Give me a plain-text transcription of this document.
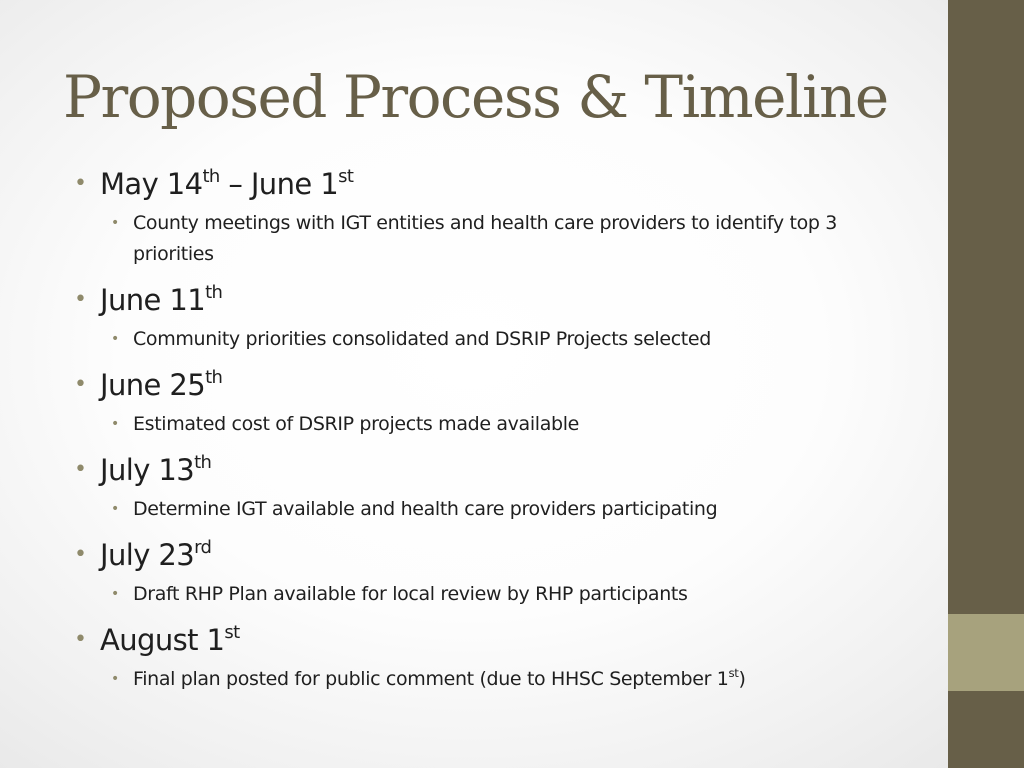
Proposed Process & Timeline
• May 14th – June 1st
• County meetings with IGT entities and health care providers to identify top 3 priorities
• June 11th
• Community priorities consolidated and DSRIP Projects selected
• June 25th
• Estimated cost of DSRIP projects made available
• July 13th
• Determine IGT available and health care providers participating
• July 23rd
• Draft RHP Plan available for local review by RHP participants
• August 1st
• Final plan posted for public comment (due to HHSC September 1st)
